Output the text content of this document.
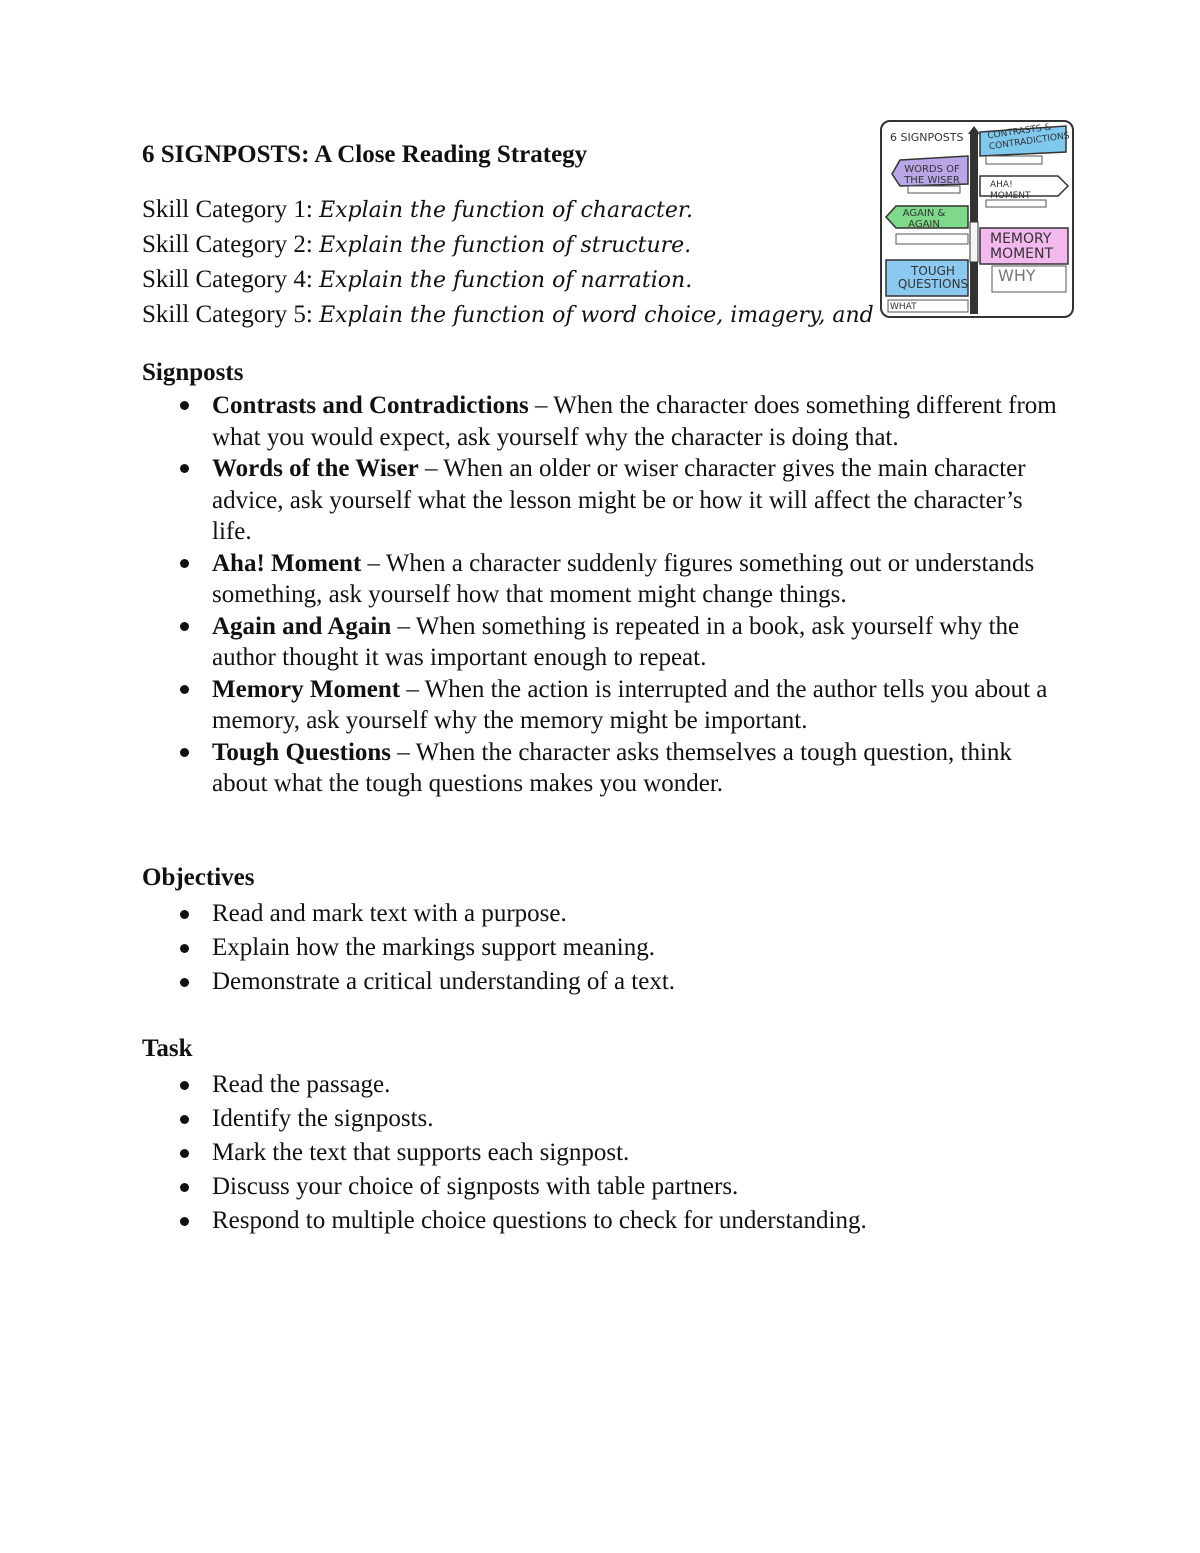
6 SIGNPOSTS: A Close Reading Strategy
Skill Category 1: Explain the function of character.
Skill Category 2: Explain the function of structure.
Skill Category 4: Explain the function of narration.
Skill Category 5: Explain the function of word choice, imagery, and
6 SIGNPOSTS	CONTRASTS & CONTRADICTIONS
WORDS OF THE WISER	AHA! MOMENT
AGAIN & AGAIN
MEMORY MOMENT
TOUGH QUESTIONS WHY
WHAT
Signposts
Contrasts and Contradictions – When the character does something different from what you would expect, ask yourself why the character is doing that.
Words of the Wiser – When an older or wiser character gives the main character advice, ask yourself what the lesson might be or how it will affect the character’s life.
Aha! Moment – When a character suddenly figures something out or understands something, ask yourself how that moment might change things.
Again and Again – When something is repeated in a book, ask yourself why the author thought it was important enough to repeat.
Memory Moment – When the action is interrupted and the author tells you about a memory, ask yourself why the memory might be important.
Tough Questions – When the character asks themselves a tough question, think about what the tough questions makes you wonder.
Objectives
Read and mark text with a purpose.
Explain how the markings support meaning.
Demonstrate a critical understanding of a text.
Task
Read the passage.
Identify the signposts.
Mark the text that supports each signpost.
Discuss your choice of signposts with table partners.
Respond to multiple choice questions to check for understanding.
